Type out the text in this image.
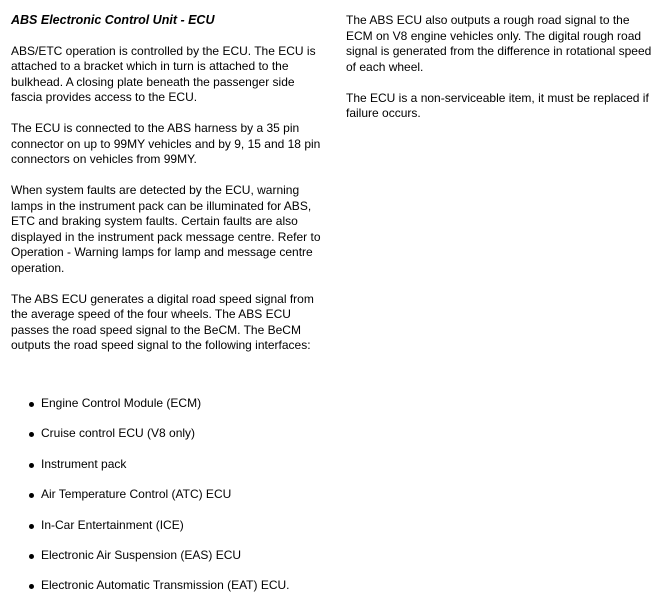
ABS Electronic Control Unit - ECU

ABS/ETC operation is controlled by the ECU. The ECU is attached to a bracket which in turn is attached to the bulkhead. A closing plate beneath the passenger side fascia provides access to the ECU.

The ECU is connected to the ABS harness by a 35 pin connector on up to 99MY vehicles and by 9, 15 and 18 pin connectors on vehicles from 99MY.

When system faults are detected by the ECU, warning lamps in the instrument pack can be illuminated for ABS, ETC and braking system faults. Certain faults are also displayed in the instrument pack message centre. Refer to Operation - Warning lamps for lamp and message centre operation.

The ABS ECU generates a digital road speed signal from the average speed of the four wheels. The ABS ECU passes the road speed signal to the BeCM. The BeCM outputs the road speed signal to the following interfaces:

Engine Control Module (ECM)
Cruise control ECU (V8 only)
Instrument pack
Air Temperature Control (ATC) ECU
In-Car Entertainment (ICE)
Electronic Air Suspension (EAS) ECU
Electronic Automatic Transmission (EAT) ECU.

The ABS ECU also outputs a rough road signal to the ECM on V8 engine vehicles only. The digital rough road signal is generated from the difference in rotational speed of each wheel.

The ECU is a non-serviceable item, it must be replaced if failure occurs.
